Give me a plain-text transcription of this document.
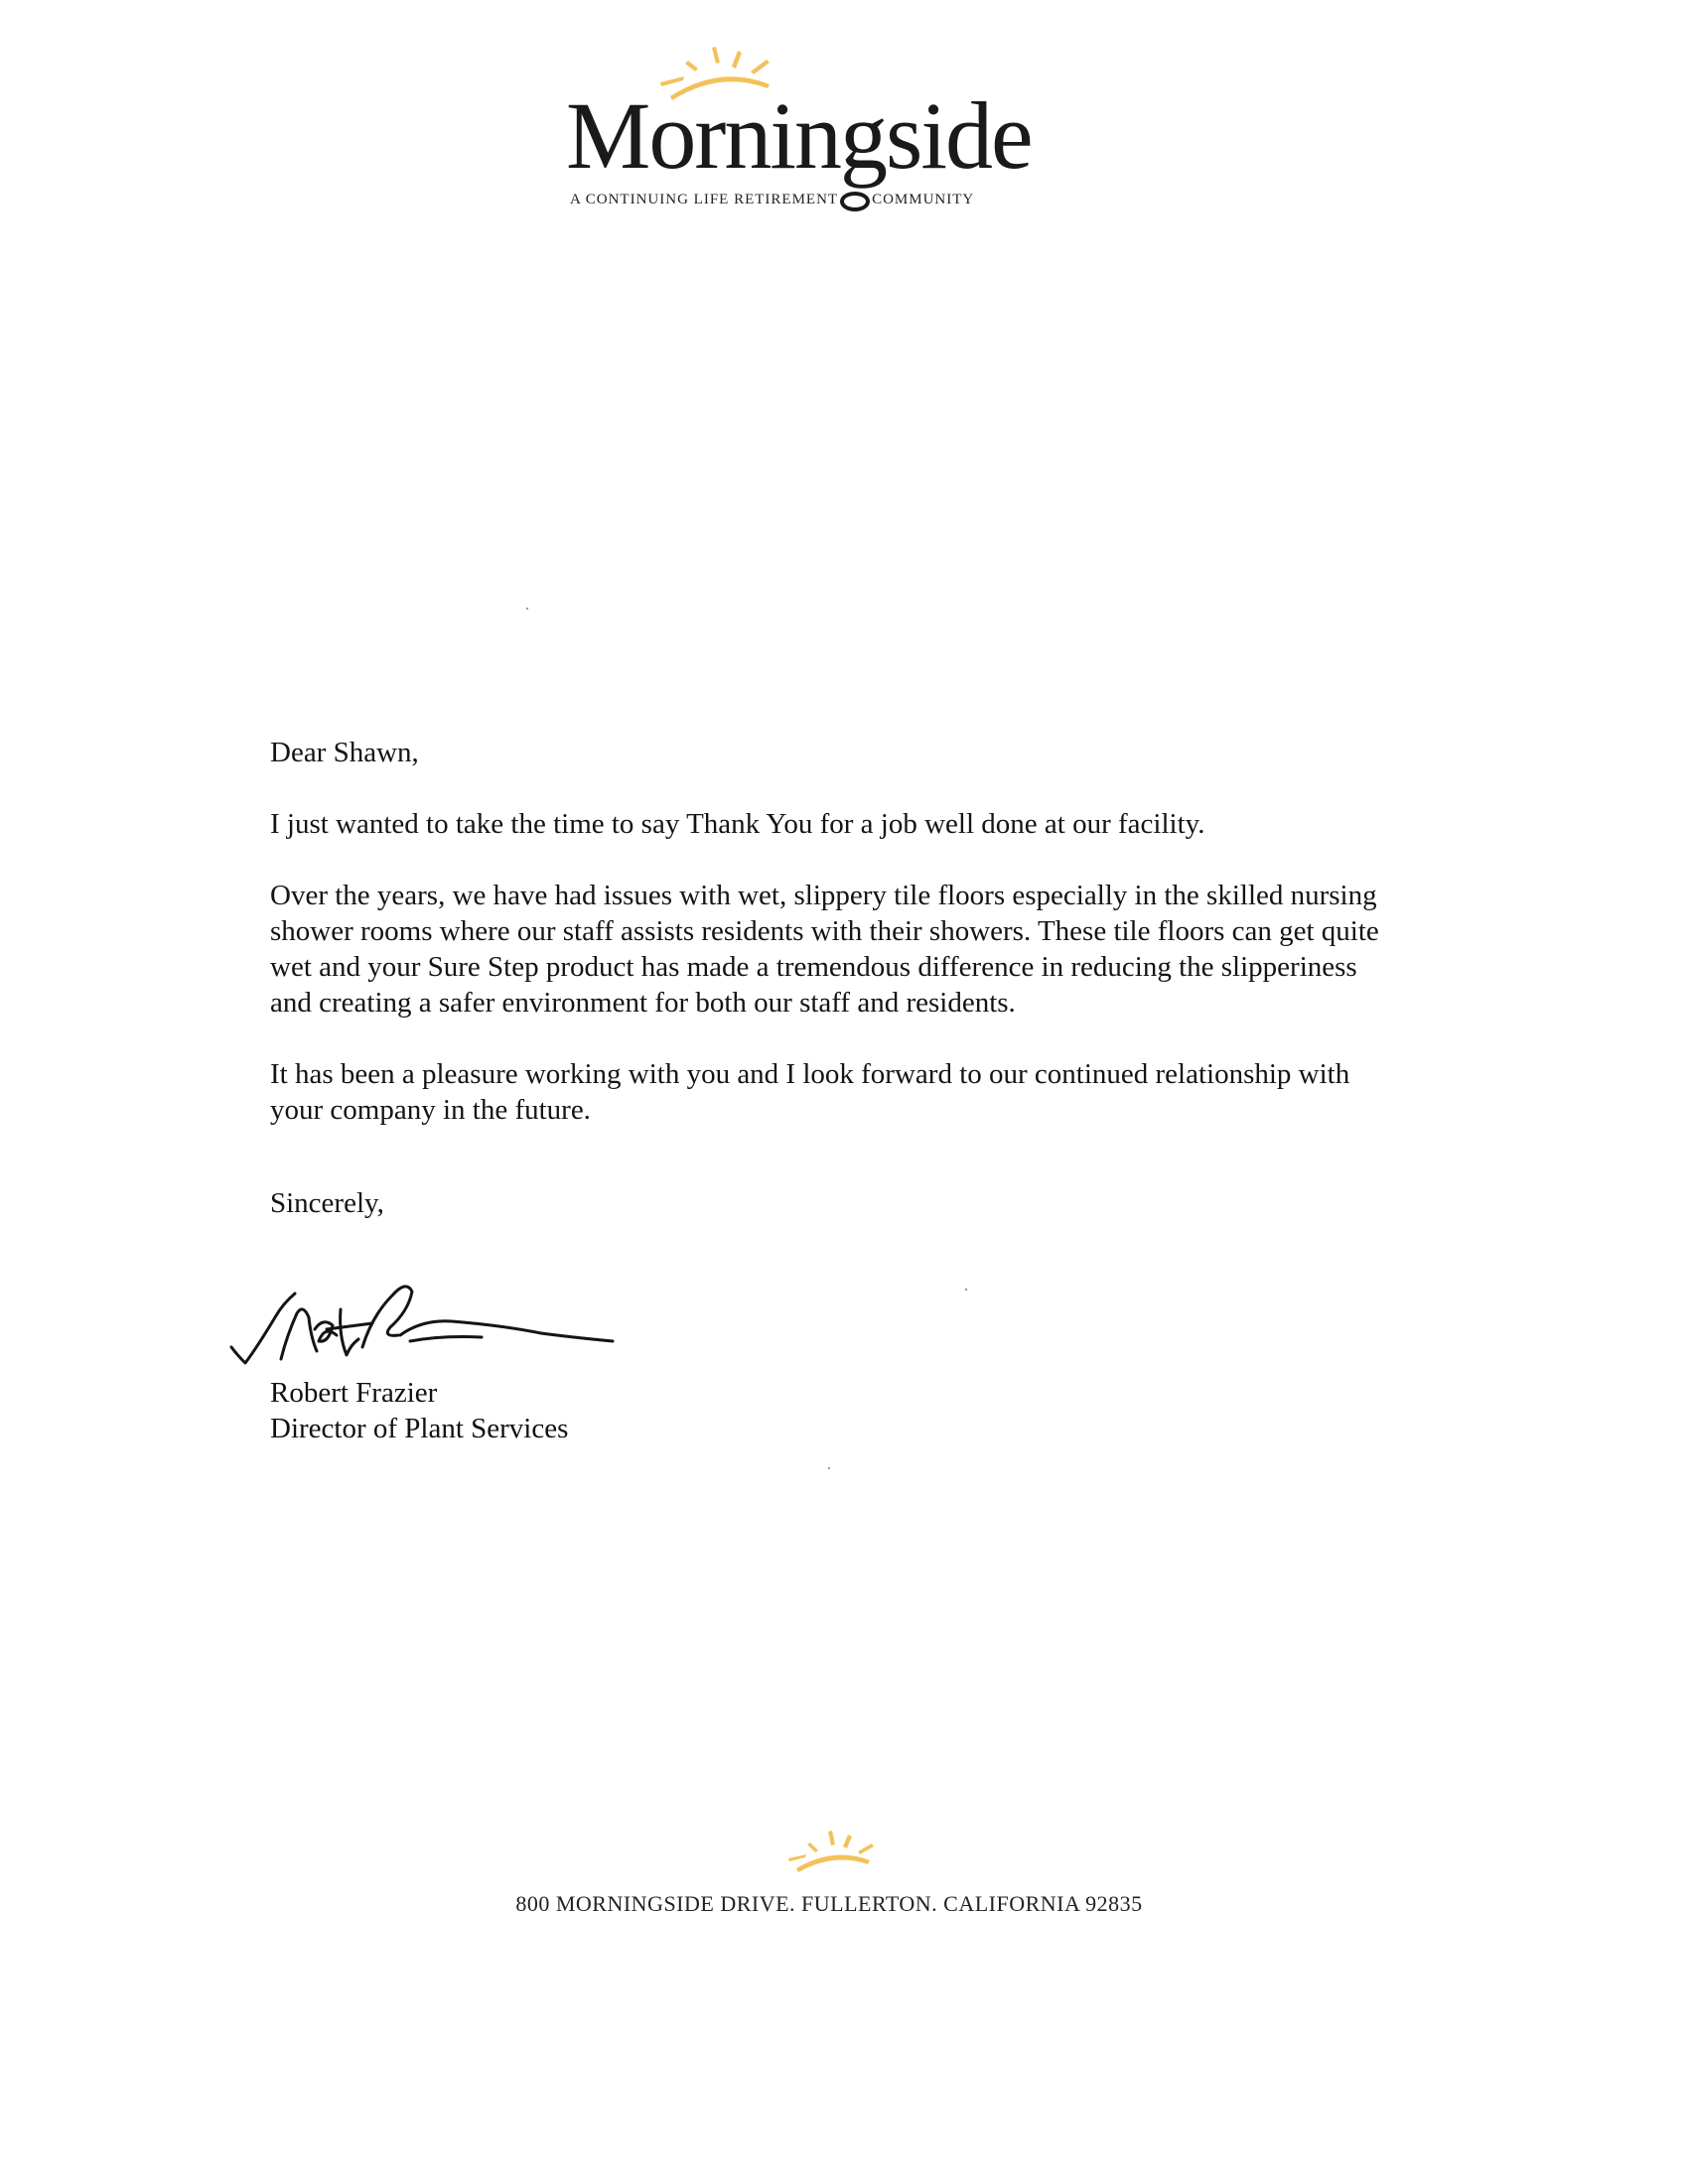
Morningside
A CONTINUING LIFE RETIREMENT COMMUNITY

Dear Shawn,

I just wanted to take the time to say Thank You for a job well done at our facility.

Over the years, we have had issues with wet, slippery tile floors especially in the skilled nursing shower rooms where our staff assists residents with their showers. These tile floors can get quite wet and your Sure Step product has made a tremendous difference in reducing the slipperiness and creating a safer environment for both our staff and residents.

It has been a pleasure working with you and I look forward to our continued relationship with your company in the future.

Sincerely,

Robert Frazier
Director of Plant Services
800 MORNINGSIDE DRIVE. FULLERTON. CALIFORNIA 92835
